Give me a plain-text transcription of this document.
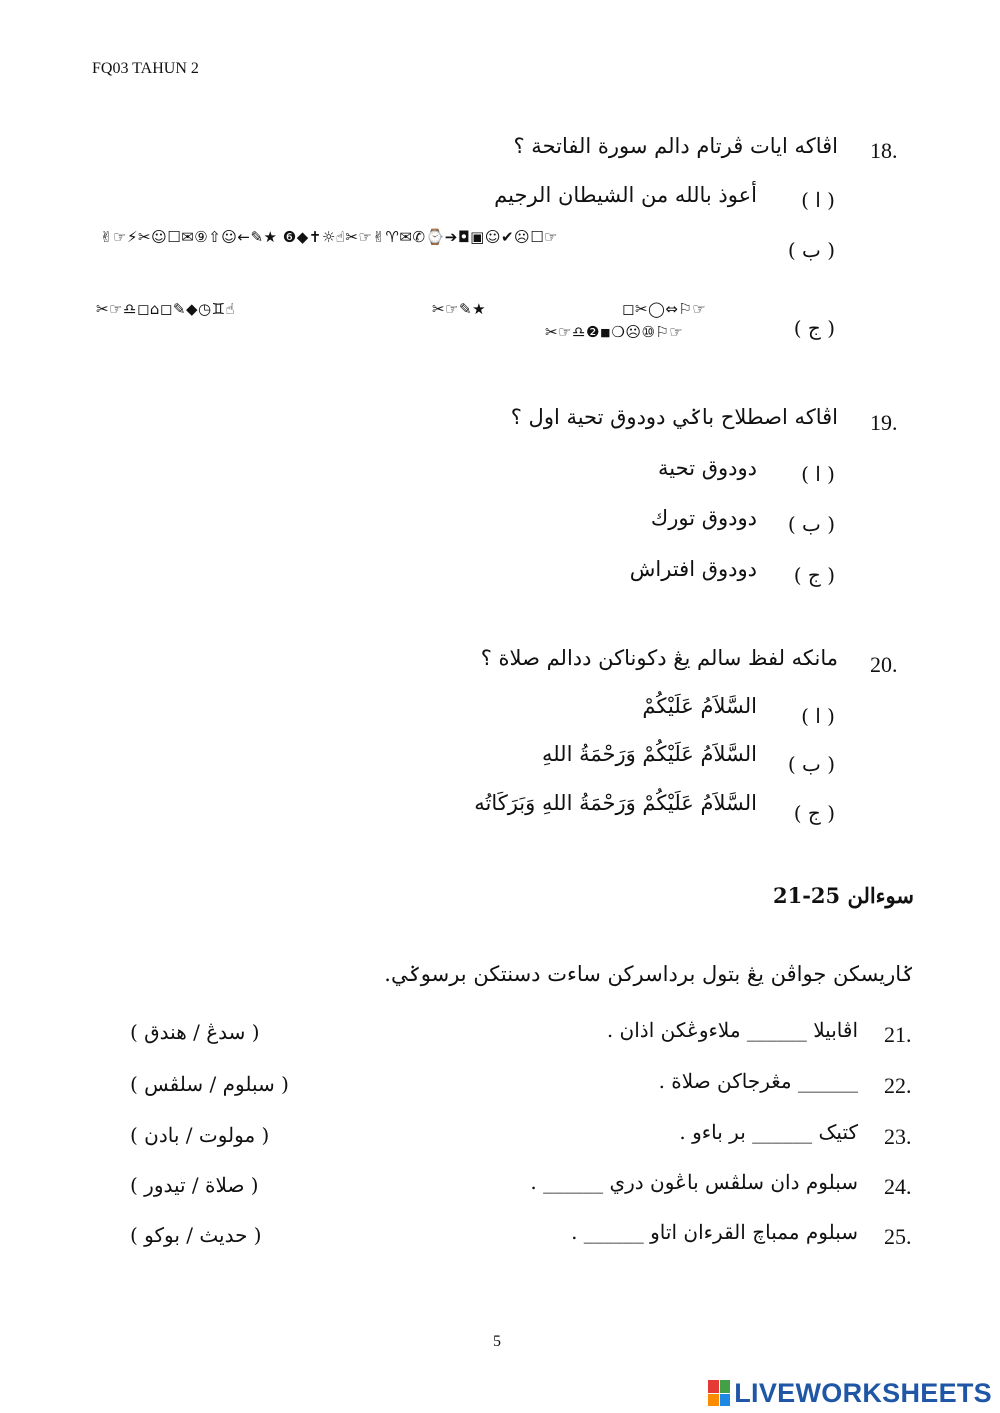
FQ03 TAHUN 2
18.
اڤاكه ايات ڤرتام دالم سورة الفاتحة ؟
( ا )
أعوذ بالله من الشيطان الرجيم
( ب )
✌☞⚡✂☺☐✉⑨⇧☺←✎★ ❻◆✝☼☝✂☞✌♈✉✆⌚➔◘▣☺✔☹☐☞
( ج )
✂☞♎◻⌂◻✎◆◷♊☝	✂☞✎★	◻✂◯⇔⚐☞
✂☞♎❷◾❍☹⑩⚐☞
19.
اڤاكه اصطلاح باݢي دودوق تحية اول ؟
( ا )
دودوق تحية
( ب )
دودوق تورك
( ج )
دودوق افتراش
20.
مانكه لفظ سالم يڠ دکوناکن ددالم صلاة ؟
( ا )
السَّلاَمُ عَلَيْكُمْ
( ب )
السَّلاَمُ عَلَيْكُمْ وَرَحْمَةُ اللهِ
( ج )
السَّلاَمُ عَلَيْكُمْ وَرَحْمَةُ اللهِ وَبَرَكَاتُه
سوءالن 25-21
ݢاريسكن جواڤن يڠ بتول برداسركن ساءت دسنتكن برسوݢي.
21.
اڤابيلا ______ ملاءوڠكن اذان .
( سدڠ / هندق )
22.
______ مڠرجاكن صلاة .
( سبلوم / سلڤس )
23.
كتيک ______ بر باءو .
( مولوت / بادن )
24.
سبلوم دان سلڤس باڠون دري ______ .
( صلاة / تيدور )
25.
سبلوم ممباچ القرءان اتاو ______ .
( حديث / بوكو )
5
LIVEWORKSHEETS
